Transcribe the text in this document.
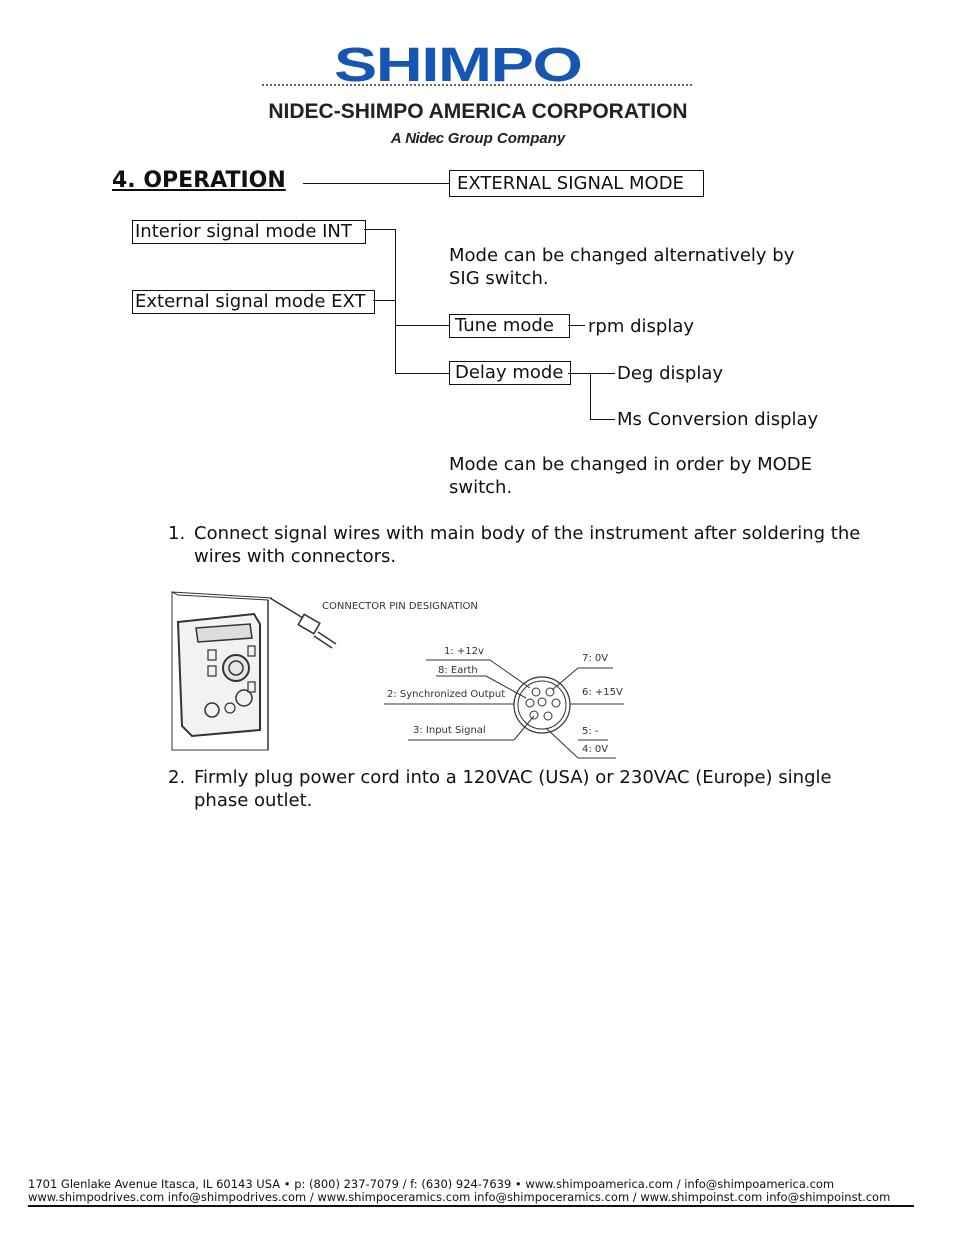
SHIMPO
NIDEC-SHIMPO AMERICA CORPORATION
A Nidec Group Company
4. OPERATION	EXTERNAL SIGNAL MODE
Interior signal mode INT
External signal mode EXT
Mode can be changed alternatively by SIG switch.
Tune mode	rpm display
Delay mode	Deg display
Ms Conversion display
Mode can be changed in order by MODE switch.
1. Connect signal wires with main body of the instrument after soldering the wires with connectors.
CONNECTOR PIN DESIGNATION
1: +12v
8: Earth
2: Synchronized Output
3: Input Signal
7: 0V
6: +15V
5: -
4: 0V
2. Firmly plug power cord into a 120VAC (USA) or 230VAC (Europe) single phase outlet.
1701 Glenlake Avenue Itasca, IL 60143 USA • p: (800) 237-7079 / f: (630) 924-7639 • www.shimpoamerica.com / info@shimpoamerica.com
www.shimpodrives.com info@shimpodrives.com / www.shimpoceramics.com info@shimpoceramics.com / www.shimpoinst.com info@shimpoinst.com
